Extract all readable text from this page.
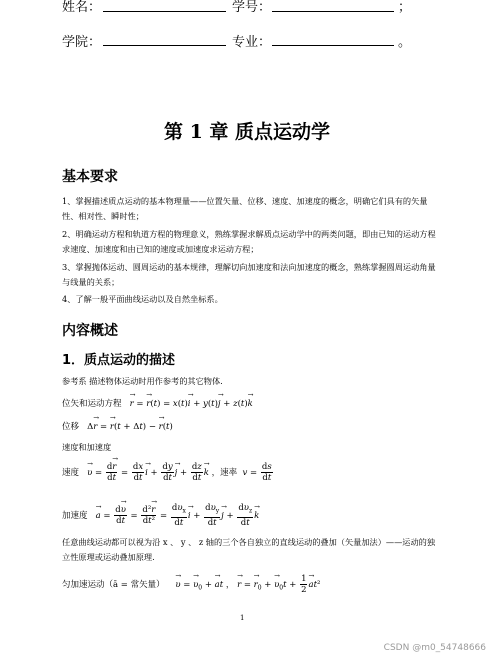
姓名：	学号：	；
学院：	专业：	。
第 1 章 质点运动学
基本要求
1、掌握描述质点运动的基本物理量——位置矢量、位移、速度、加速度的概念，明确它们具有的矢量性、相对性、瞬时性；
2、明确运动方程和轨道方程的物理意义，熟练掌握求解质点运动学中的两类问题，即由已知的运动方程求速度、加速度和由已知的速度或加速度求运动方程；
3、掌握抛体运动、圆周运动的基本规律，理解切向加速度和法向加速度的概念，熟练掌握圆周运动角量与线量的关系；
4、了解一般平面曲线运动以及自然坐标系。
内容概述
1．质点运动的描述
参考系 描述物体运动时用作参考的其它物体.
位矢和运动方程   → r = → r(t) = x(t)→ i + y(t)→ j + z(t)→ k
位移   Δ→ r = → r(t + Δt) − → r(t)
速度和加速度
速度   → $\upsilon = \frac{d\to r}{dt} = \frac{dx}{dt}$
→ $i + \frac{dy}{dt}$
→ $j + \frac{dz}{dt}$
→ k ，速率 $v = \frac{ds}{dt}$
加速度   → $a = \frac{d\to \upsilon}{dt} = \frac{\text{d²→ r}}{\text{dt²}} = \frac{d\upsilon_x}{dt}$
→ $i + \frac{d\upsilon_y}{dt}$
→ $j + \frac{d\upsilon_z}{dt}$
→ k
任意曲线运动都可以视为沿 x 、 y 、 z 轴的三个各自独立的直线运动的叠加（矢量加法）——运动的独立性原理或运动叠加原理.
匀加速运动（ā = 常矢量）    → υ = → $\upsilon_0$ + → at ， → r = → $r_0$ + → $\upsilon_0t + \frac{1}{2}$
→ at²
1
CSDN @m0_54748666
